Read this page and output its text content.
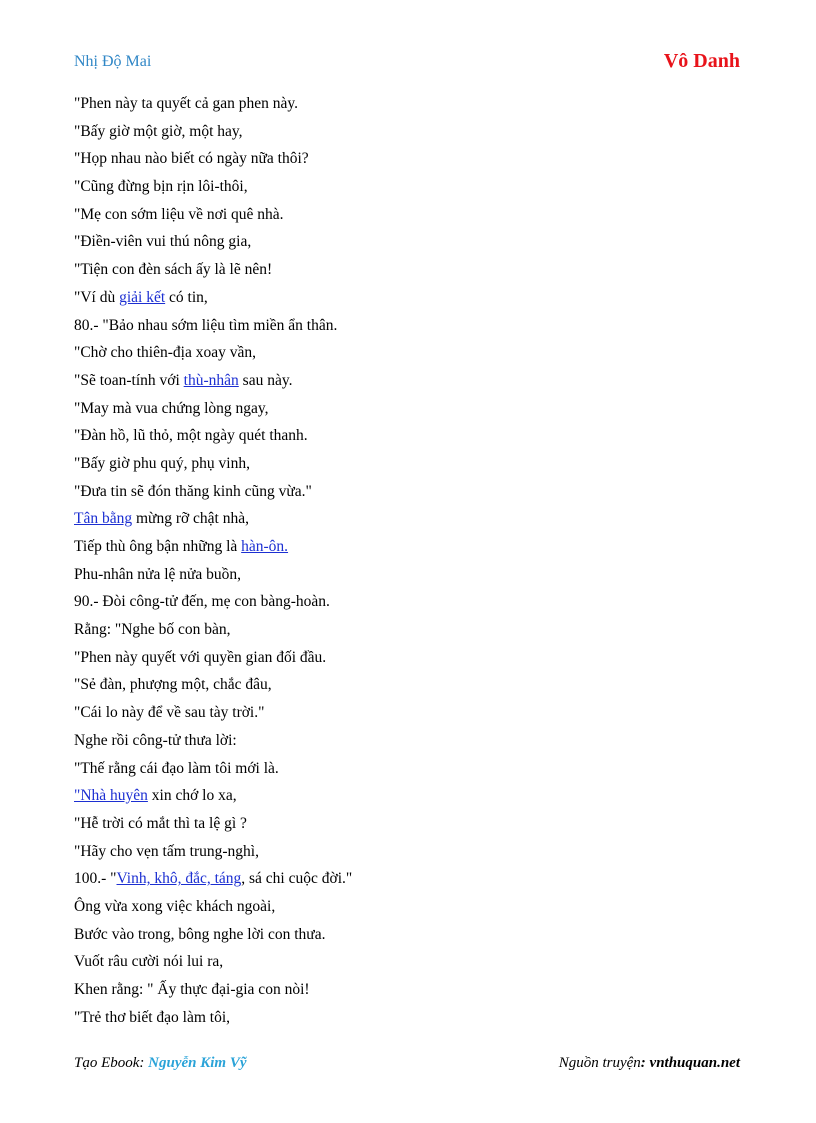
Nhị Độ Mai	Vô Danh
"Phen này ta quyết cả gan phen này.
"Bấy giờ một giờ, một hay,
"Họp nhau nào biết có ngày nữa thôi?
"Cũng đừng bịn rịn lôi-thôi,
"Mẹ con sớm liệu về nơi quê nhà.
"Điền-viên vui thú nông gia,
"Tiện con đèn sách ấy là lẽ nên!
"Ví dù giải kết có tin,
80.- "Bảo nhau sớm liệu tìm miền ẩn thân.
"Chờ cho thiên-địa xoay vần,
"Sẽ toan-tính với thù-nhân sau này.
"May mà vua chứng lòng ngay,
"Đàn hồ, lũ thỏ, một ngày quét thanh.
"Bấy giờ phu quý, phụ vinh,
"Đưa tin sẽ đón thăng kinh cũng vừa."
Tân bằng mừng rỡ chật nhà,
Tiếp thù ông bận những là hàn-ôn.
Phu-nhân nửa lệ nửa buồn,
90.- Đòi công-tử đến, mẹ con bàng-hoàn.
Rằng: "Nghe bố con bàn,
"Phen này quyết với quyền gian đối đầu.
"Sẻ đàn, phượng một, chắc đâu,
"Cái lo này để về sau tày trời."
Nghe rồi công-tử thưa lời:
"Thế rằng cái đạo làm tôi mới là.
"Nhà huyên xin chớ lo xa,
"Hễ trời có mắt thì ta lệ gì ?
"Hãy cho vẹn tấm trung-nghì,
100.- "Vinh, khô, đắc, táng, sá chi cuộc đời."
Ông vừa xong việc khách ngoài,
Bước vào trong, bông nghe lời con thưa.
Vuốt râu cười nói lui ra,
Khen rằng: " Ấy thực đại-gia con nòi!
"Trẻ thơ biết đạo làm tôi,
Tạo Ebook: Nguyễn Kim Vỹ	Nguồn truyện: vnthuquan.net
